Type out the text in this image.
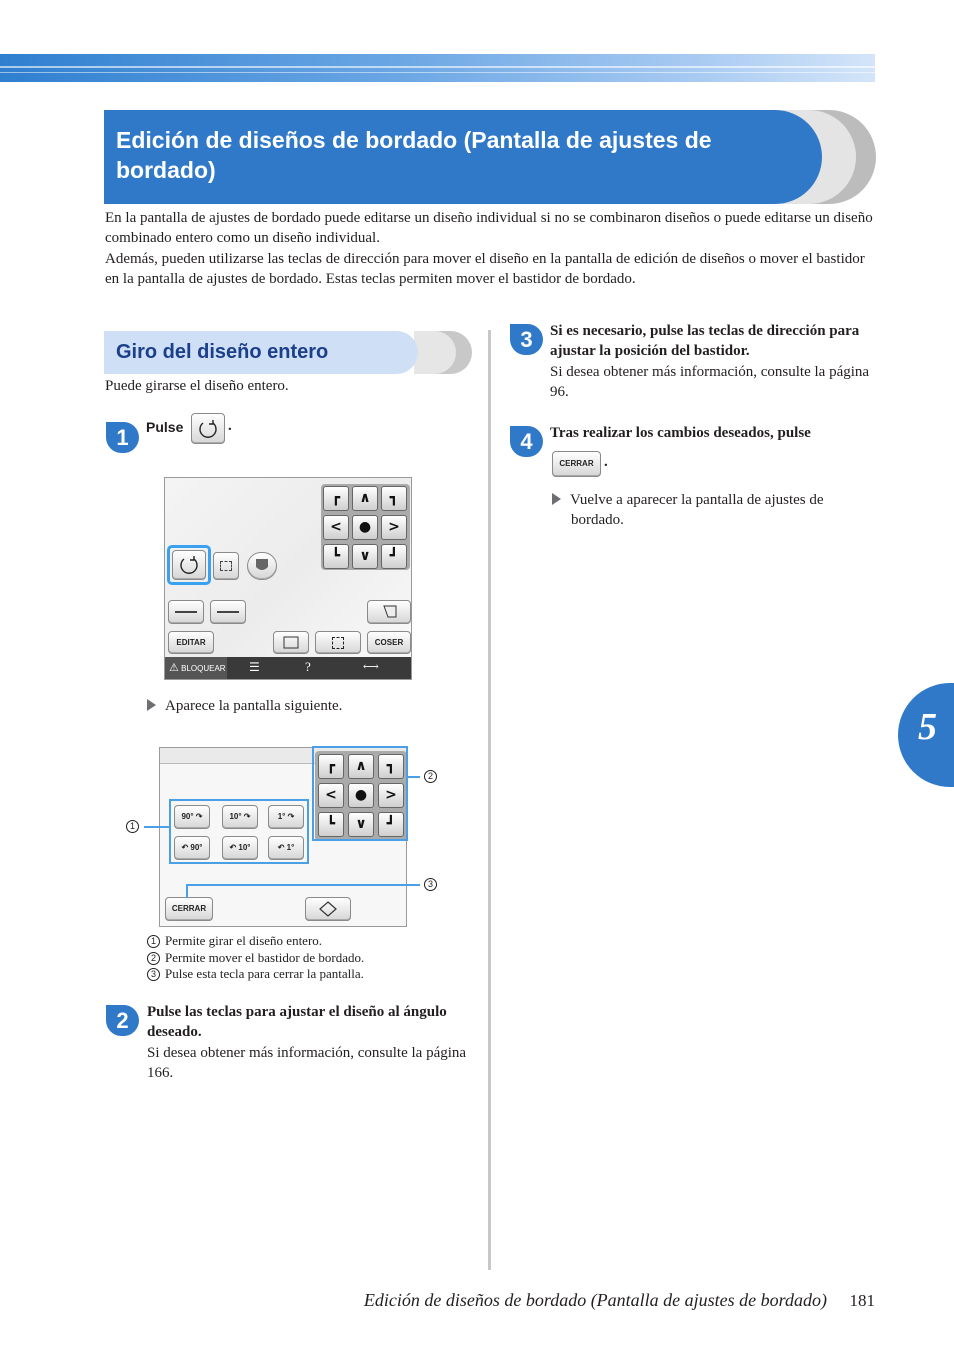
Edición de diseños de bordado (Pantalla de ajustes de bordado)

En la pantalla de ajustes de bordado puede editarse un diseño individual si no se combinaron diseños o puede editarse un diseño combinado entero como un diseño individual.

Además, pueden utilizarse las teclas de dirección para mover el diseño en la pantalla de edición de diseños o mover el bastidor en la pantalla de ajustes de bordado. Estas teclas permiten mover el bastidor de bordado.

Giro del diseño entero
Puede girarse el diseño entero.
1	Pulse	.
┏	∧	┓
<	●	>
┗	∨	┛
EDITAR	COSER
⚠ BLOQUEAR ☰	?	⟷
Aparece la pantalla siguiente.
┏	∧	┓
<	●	>
┗	∨	┛
90° ↷	10° ↷	1° ↷
↶ 90°	↶ 10°	↶ 1°
CERRAR
1
2
3
1 Permite girar el diseño entero.
2 Permite mover el bastidor de bordado.
3 Pulse esta tecla para cerrar la pantalla.
2	Pulse las teclas para ajustar el diseño al ángulo deseado.
Si desea obtener más información, consulte la página 166.
3	Si es necesario, pulse las teclas de dirección para ajustar la posición del bastidor.
Si desea obtener más información, consulte la página 96.
4	Tras realizar los cambios deseados, pulse
CERRAR .
Vuelve a aparecer la pantalla de ajustes de bordado.
5
Edición de diseños de bordado (Pantalla de ajustes de bordado) 181
